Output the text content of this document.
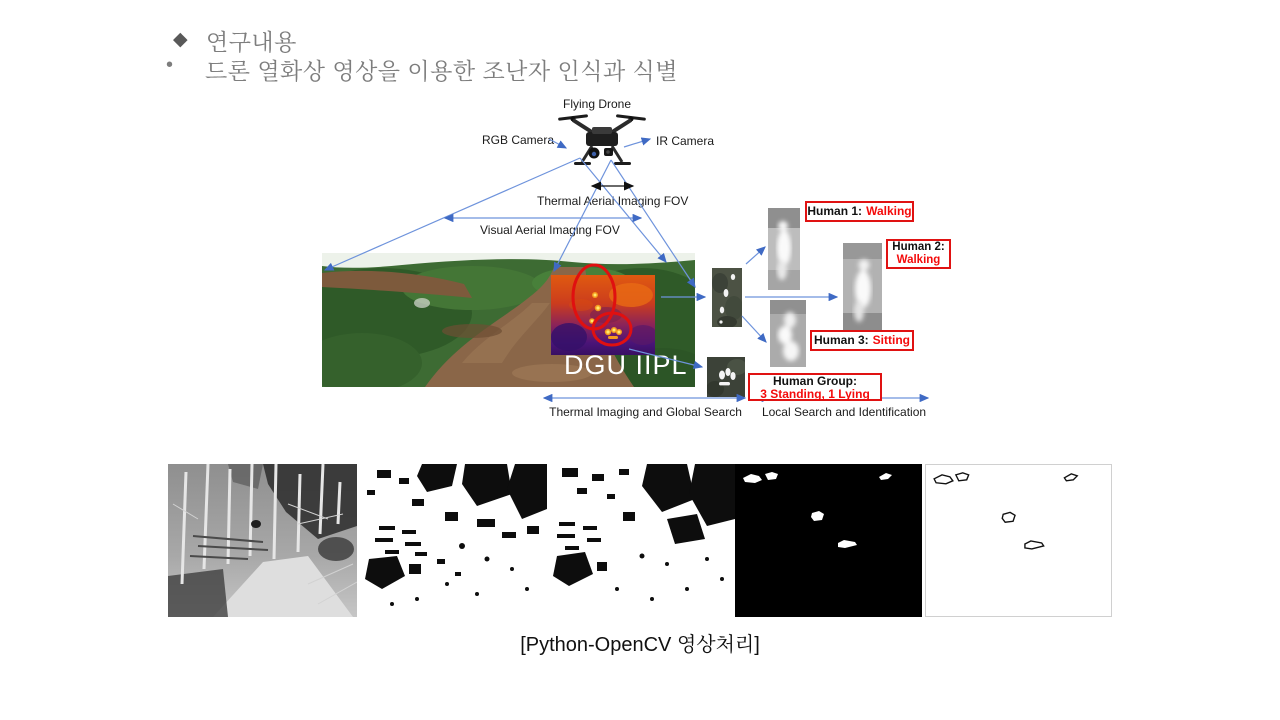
◆ 연구내용
• 드론 열화상 영상을 이용한 조난자 인식과 식별
Flying Drone
RGB Camera	IR Camera
Thermal Aerial Imaging FOV
Visual Aerial Imaging FOV
Thermal Imaging and Global Search	Local Search and Identification
DGU IIPL
Human 1: Walking
Human 2:
Walking
Human 3: Sitting
Human Group:
3 Standing, 1 Lying
[Python-OpenCV 영상처리]
